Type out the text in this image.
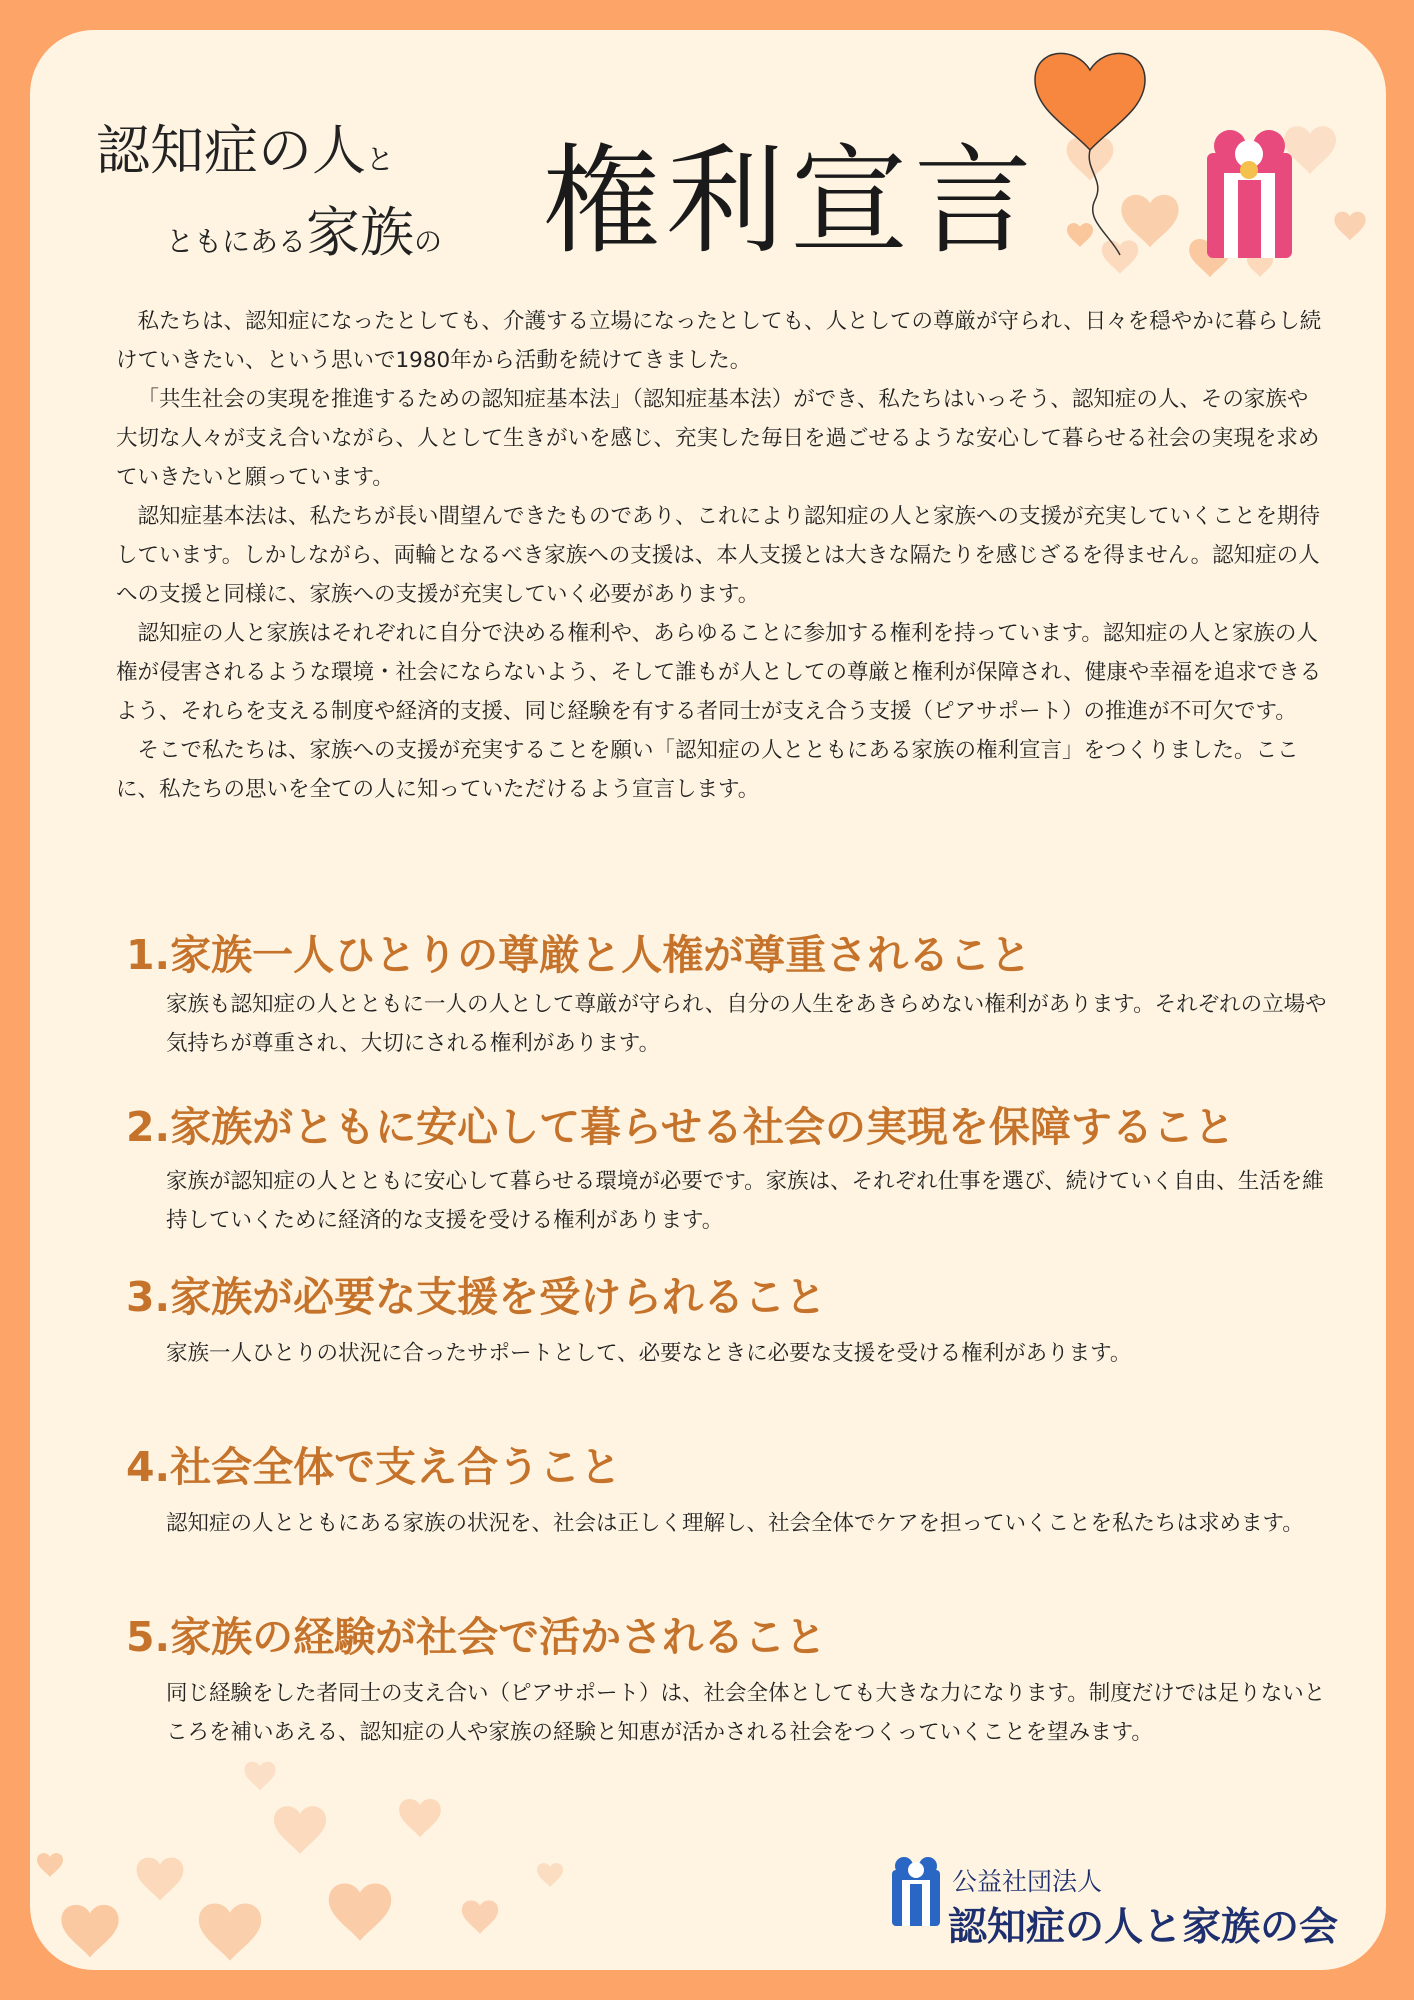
認知症の人と
ともにある家族の 権利宣言

私たちは、認知症になったとしても、介護する立場になったとしても、人としての尊厳が守られ、日々を穏やかに暮らし続けていきたい、という思いで1980年から活動を続けてきました。

「共生社会の実現を推進するための認知症基本法」（認知症基本法）ができ、私たちはいっそう、認知症の人、その家族や大切な人々が支え合いながら、人として生きがいを感じ、充実した毎日を過ごせるような安心して暮らせる社会の実現を求めていきたいと願っています。

認知症基本法は、私たちが長い間望んできたものであり、これにより認知症の人と家族への支援が充実していくことを期待しています。しかしながら、両輪となるべき家族への支援は、本人支援とは大きな隔たりを感じざるを得ません。認知症の人への支援と同様に、家族への支援が充実していく必要があります。

認知症の人と家族はそれぞれに自分で決める権利や、あらゆることに参加する権利を持っています。認知症の人と家族の人権が侵害されるような環境・社会にならないよう、そして誰もが人としての尊厳と権利が保障され、健康や幸福を追求できるよう、それらを支える制度や経済的支援、同じ経験を有する者同士が支え合う支援（ピアサポート）の推進が不可欠です。

そこで私たちは、家族への支援が充実することを願い「認知症の人とともにある家族の権利宣言」をつくりました。ここに、私たちの思いを全ての人に知っていただけるよう宣言します。

1.家族一人ひとりの尊厳と人権が尊重されること
家族も認知症の人とともに一人の人として尊厳が守られ、自分の人生をあきらめない権利があります。それぞれの立場や気持ちが尊重され、大切にされる権利があります。
2.家族がともに安心して暮らせる社会の実現を保障すること
家族が認知症の人とともに安心して暮らせる環境が必要です。家族は、それぞれ仕事を選び、続けていく自由、生活を維持していくために経済的な支援を受ける権利があります。
3.家族が必要な支援を受けられること
家族一人ひとりの状況に合ったサポートとして、必要なときに必要な支援を受ける権利があります。
4.社会全体で支え合うこと
認知症の人とともにある家族の状況を、社会は正しく理解し、社会全体でケアを担っていくことを私たちは求めます。
5.家族の経験が社会で活かされること
同じ経験をした者同士の支え合い（ピアサポート）は、社会全体としても大きな力になります。制度だけでは足りないところを補いあえる、認知症の人や家族の経験と知恵が活かされる社会をつくっていくことを望みます。
公益社団法人
認知症の人と家族の会
